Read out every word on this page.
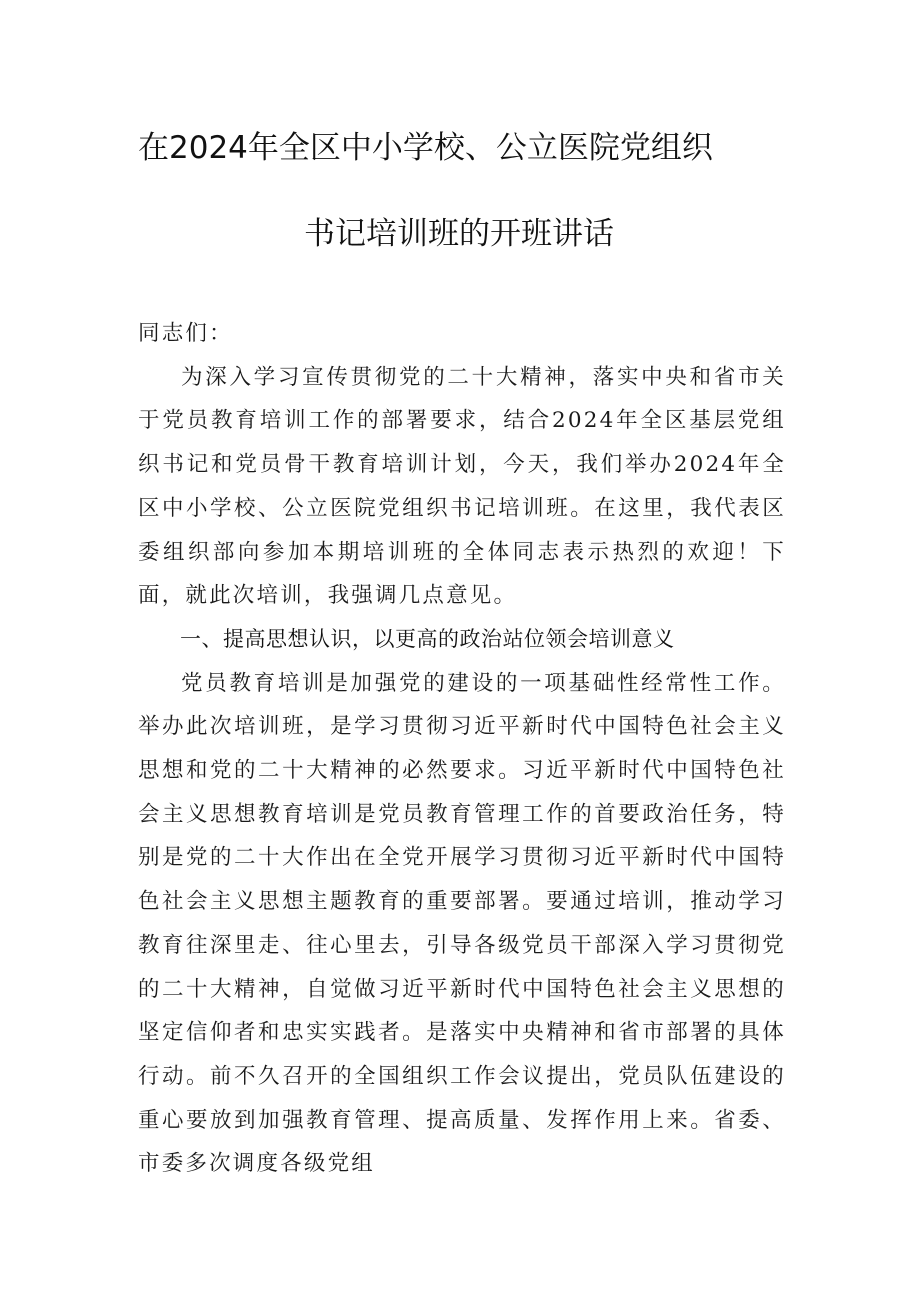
在2024年全区中小学校、公立医院党组织
书记培训班的开班讲话

同志们：

为深入学习宣传贯彻党的二十大精神，落实中央和省市关于党员教育培训工作的部署要求，结合2024年全区基层党组织书记和党员骨干教育培训计划，今天，我们举办2024年全区中小学校、公立医院党组织书记培训班。在这里，我代表区委组织部向参加本期培训班的全体同志表示热烈的欢迎！下面，就此次培训，我强调几点意见。

一、提高思想认识，以更高的政治站位领会培训意义

党员教育培训是加强党的建设的一项基础性经常性工作。举办此次培训班，是学习贯彻习近平新时代中国特色社会主义思想和党的二十大精神的必然要求。习近平新时代中国特色社会主义思想教育培训是党员教育管理工作的首要政治任务，特别是党的二十大作出在全党开展学习贯彻习近平新时代中国特色社会主义思想主题教育的重要部署。要通过培训，推动学习教育往深里走、往心里去，引导各级党员干部深入学习贯彻党的二十大精神，自觉做习近平新时代中国特色社会主义思想的坚定信仰者和忠实实践者。是落实中央精神和省市部署的具体行动。前不久召开的全国组织工作会议提出，党员队伍建设的重心要放到加强教育管理、提高质量、发挥作用上来。省委、市委多次调度各级党组
